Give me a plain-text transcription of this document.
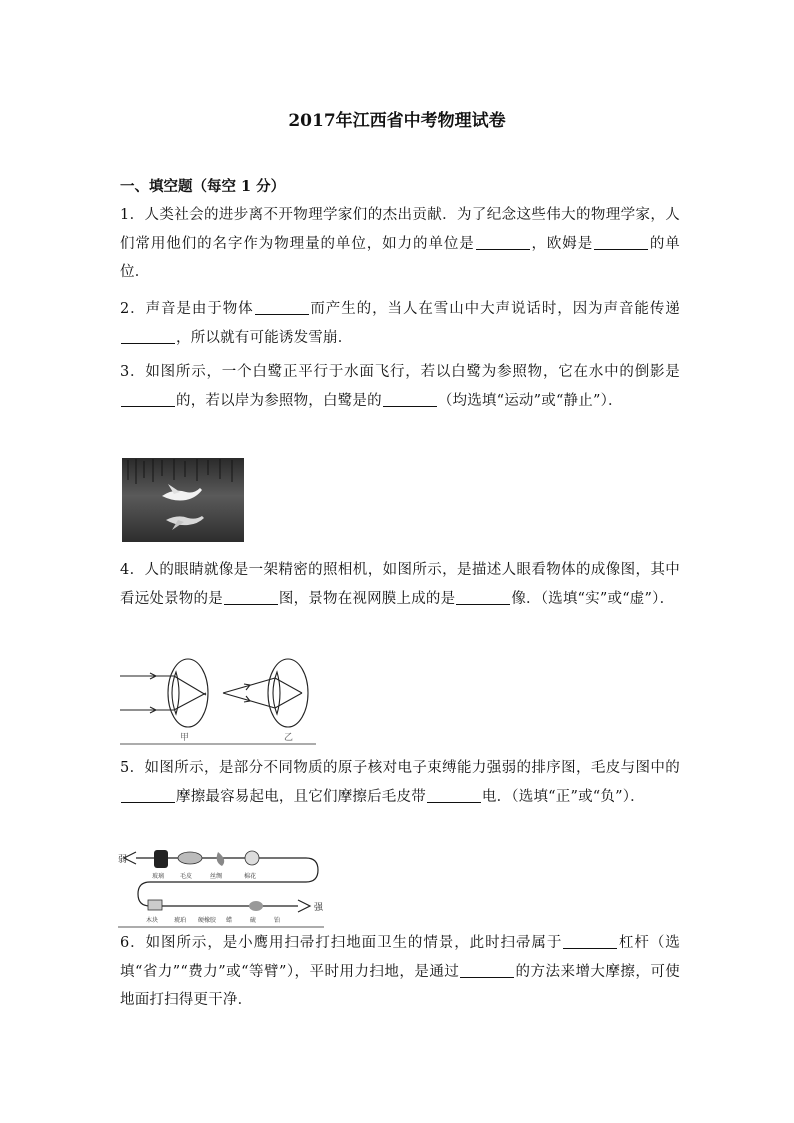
2017年江西省中考物理试卷
一、填空题（每空 1 分）
1．人类社会的进步离不开物理学家们的杰出贡献．为了纪念这些伟大的物理学家，人们常用他们的名字作为物理量的单位，如力的单位是	，欧姆是	的单位．
2．声音是由于物体	而产生的，当人在雪山中大声说话时，因为声音能传递，所以就有可能诱发雪崩．
3．如图所示，一个白鹭正平行于水面飞行，若以白鹭为参照物，它在水中的倒影是的，若以岸为参照物，白鹭是的	（均选填“运动”或“静止”）．
4．人的眼睛就像是一架精密的照相机，如图所示，是描述人眼看物体的成像图，其中看远处景物的是	图，景物在视网膜上成的是	像．（选填“实”或“虚”）．
甲	乙
5．如图所示，是部分不同物质的原子核对电子束缚能力强弱的排序图，毛皮与图中的摩擦最容易起电，且它们摩擦后毛皮带	电．（选填“正”或“负”）．
弱
强
玻璃	毛皮	丝绸	棉花
木块	琥珀 硬橡胶 蜡	硫	铂
6．如图所示，是小鹰用扫帚打扫地面卫生的情景，此时扫帚属于	杠杆（选填“省力”“费力”或“等臂”），平时用力扫地，是通过	的方法来增大摩擦，可使地面打扫得更干净．
